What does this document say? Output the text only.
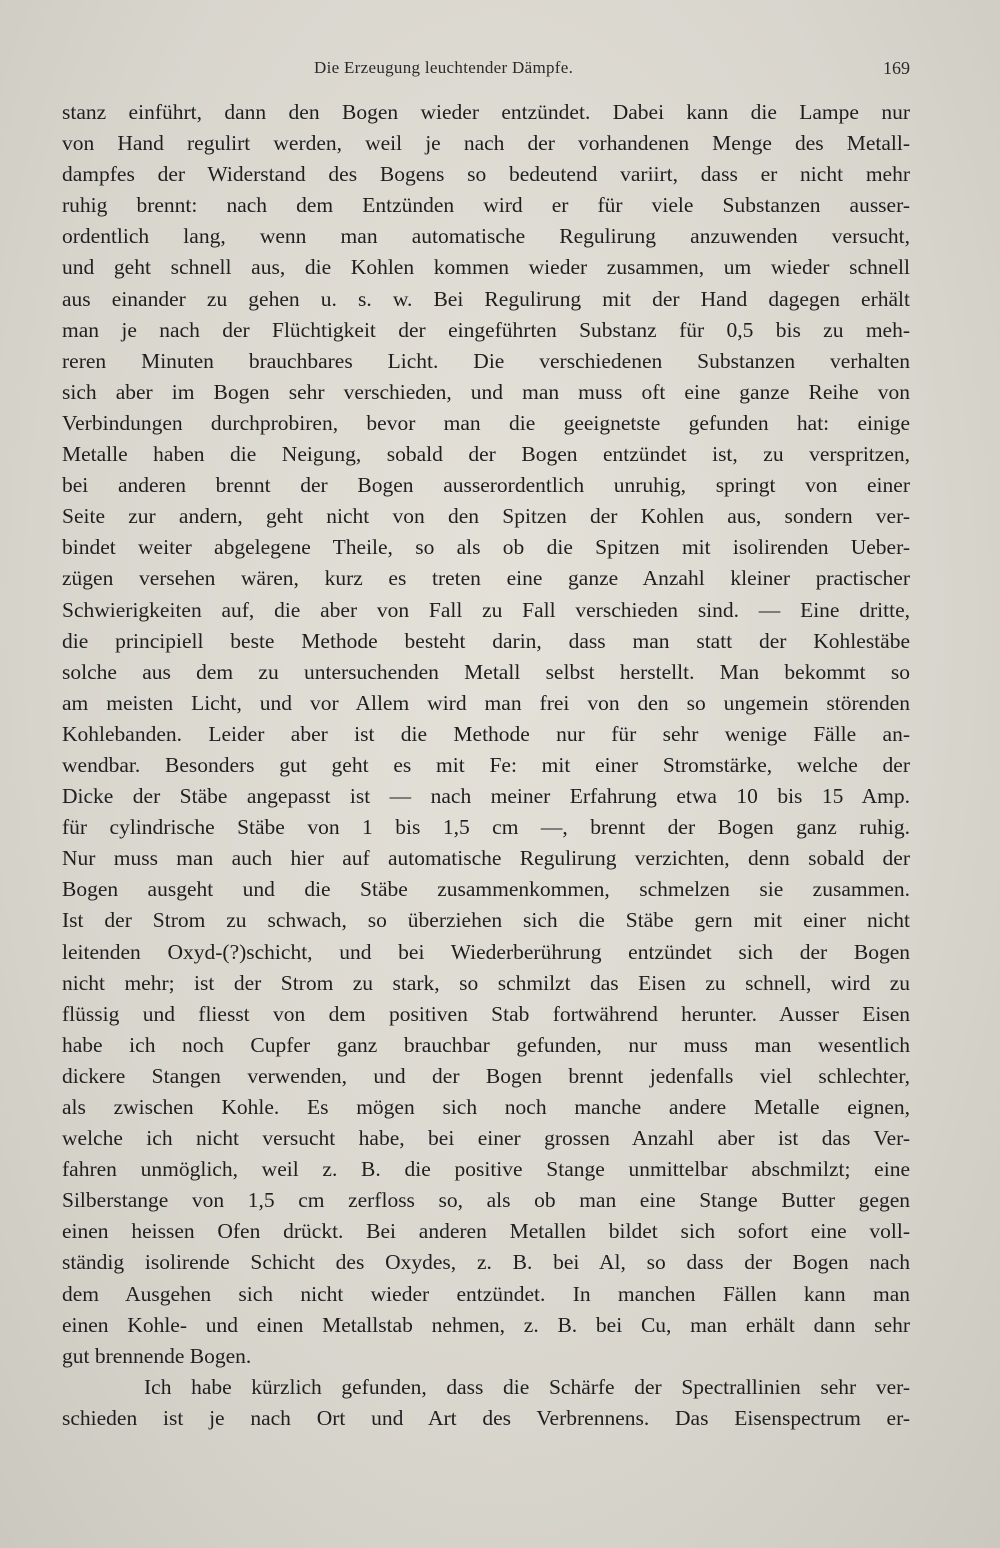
Die Erzeugung leuchtender Dämpfe.	169
stanz einführt, dann den Bogen wieder entzündet. Dabei kann die Lampe nur
von Hand regulirt werden, weil je nach der vorhandenen Menge des Metall-
dampfes der Widerstand des Bogens so bedeutend variirt, dass er nicht mehr
ruhig brennt: nach dem Entzünden wird er für viele Substanzen ausser-
ordentlich lang, wenn man automatische Regulirung anzuwenden versucht,
und geht schnell aus, die Kohlen kommen wieder zusammen, um wieder schnell
aus einander zu gehen u. s. w. Bei Regulirung mit der Hand dagegen erhält
man je nach der Flüchtigkeit der eingeführten Substanz für 0,5 bis zu meh-
reren Minuten brauchbares Licht. Die verschiedenen Substanzen verhalten
sich aber im Bogen sehr verschieden, und man muss oft eine ganze Reihe von
Verbindungen durchprobiren, bevor man die geeignetste gefunden hat: einige
Metalle haben die Neigung, sobald der Bogen entzündet ist, zu verspritzen,
bei anderen brennt der Bogen ausserordentlich unruhig, springt von einer
Seite zur andern, geht nicht von den Spitzen der Kohlen aus, sondern ver-
bindet weiter abgelegene Theile, so als ob die Spitzen mit isolirenden Ueber-
zügen versehen wären, kurz es treten eine ganze Anzahl kleiner practischer
Schwierigkeiten auf, die aber von Fall zu Fall verschieden sind. — Eine dritte,
die principiell beste Methode besteht darin, dass man statt der Kohlestäbe
solche aus dem zu untersuchenden Metall selbst herstellt. Man bekommt so
am meisten Licht, und vor Allem wird man frei von den so ungemein störenden
Kohlebanden. Leider aber ist die Methode nur für sehr wenige Fälle an-
wendbar. Besonders gut geht es mit Fe: mit einer Stromstärke, welche der
Dicke der Stäbe angepasst ist — nach meiner Erfahrung etwa 10 bis 15 Amp.
für cylindrische Stäbe von 1 bis 1,5 cm —, brennt der Bogen ganz ruhig.
Nur muss man auch hier auf automatische Regulirung verzichten, denn sobald der
Bogen ausgeht und die Stäbe zusammenkommen, schmelzen sie zusammen.
Ist der Strom zu schwach, so überziehen sich die Stäbe gern mit einer nicht
leitenden Oxyd-(?)schicht, und bei Wiederberührung entzündet sich der Bogen
nicht mehr; ist der Strom zu stark, so schmilzt das Eisen zu schnell, wird zu
flüssig und fliesst von dem positiven Stab fortwährend herunter. Ausser Eisen
habe ich noch Cupfer ganz brauchbar gefunden, nur muss man wesentlich
dickere Stangen verwenden, und der Bogen brennt jedenfalls viel schlechter,
als zwischen Kohle. Es mögen sich noch manche andere Metalle eignen,
welche ich nicht versucht habe, bei einer grossen Anzahl aber ist das Ver-
fahren unmöglich, weil z. B. die positive Stange unmittelbar abschmilzt; eine
Silberstange von 1,5 cm zerfloss so, als ob man eine Stange Butter gegen
einen heissen Ofen drückt. Bei anderen Metallen bildet sich sofort eine voll-
ständig isolirende Schicht des Oxydes, z. B. bei Al, so dass der Bogen nach
dem Ausgehen sich nicht wieder entzündet. In manchen Fällen kann man
einen Kohle- und einen Metallstab nehmen, z. B. bei Cu, man erhält dann sehr
gut brennende Bogen.
Ich habe kürzlich gefunden, dass die Schärfe der Spectrallinien sehr ver-
schieden ist je nach Ort und Art des Verbrennens. Das Eisenspectrum er-
